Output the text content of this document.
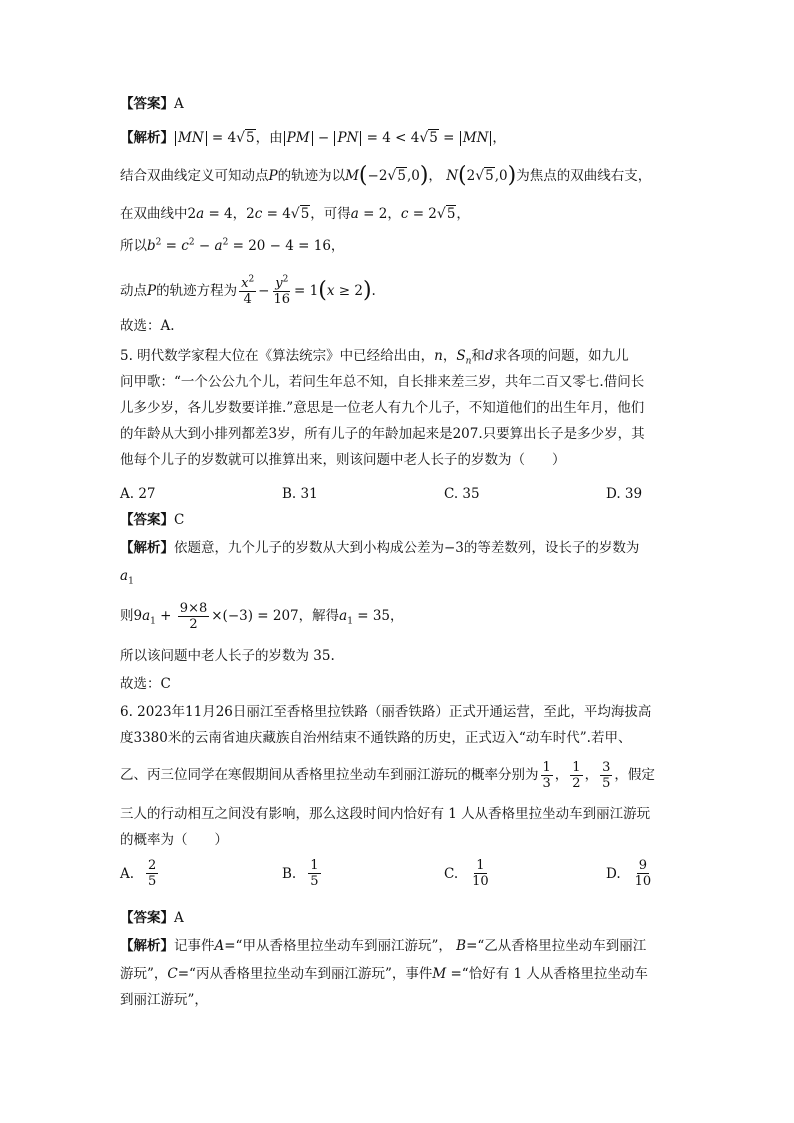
【答案】A
【解析】 MN = 4√5，由 PM − PN = 4 < 4√5 = MN ，
结合双曲线定义可知动点P的轨迹为以M(−2√5,0)， N(2√5,0)为焦点的双曲线右支，
在双曲线中2a = 4，2c = 4√5，可得a = 2，c = 2√5，
所以$b^2 = c^2 - a^2 = 20 - 4 = 16$，
动点P的轨迹方程为 $\frac{x^2}{4} - \frac{y^2}{16} = 1(x \ge 2)$.
故选：A.
5. 明代数学家程大位在《算法统宗》中已经给出由，n，$S_n$和d求各项的问题，如九儿
问甲歌：“一个公公九个儿，若问生年总不知，自长排来差三岁，共年二百又零七.借问长
儿多少岁，各儿岁数要详推.”意思是一位老人有九个儿子，不知道他们的出生年月，他们
的年龄从大到小排列都差3岁，所有儿子的年龄加起来是207.只要算出长子是多少岁，其
他每个儿子的岁数就可以推算出来，则该问题中老人长子的岁数为（　　）
A. 27	B. 31	C. 35	D. 39
【答案】C
【解析】依题意，九个儿子的岁数从大到小构成公差为−3的等差数列，设长子的岁数为
$a_1$
则$9a_1 + \frac{9\times 8}{2} \times(-3) = 207$，解得$a_1 = 35$，
所以该问题中老人长子的岁数为 35.
故选：C
6. 2023年11月26日丽江至香格里拉铁路（丽香铁路）正式开通运营，至此，平均海拔高
度3380米的云南省迪庆藏族自治州结束不通铁路的历史，正式迈入“动车时代”.若甲、
乙、丙三位同学在寒假期间从香格里拉坐动车到丽江游玩的概率分别为 $\frac{1}{3}$ ， $\frac{1}{2}$ ， $\frac{3}{5}$ ，假定
三人的行动相互之间没有影响，那么这段时间内恰好有 1 人从香格里拉坐动车到丽江游玩
的概率为（　　）
A. $\frac{2}{5}$	B. $\frac{1}{5}$	C. $\frac{1}{10}$	D. $\frac{9}{10}$
【答案】A
【解析】记事件A=“甲从香格里拉坐动车到丽江游玩”， B=“乙从香格里拉坐动车到丽江
游玩”，C=“丙从香格里拉坐动车到丽江游玩”，事件M =“恰好有 1 人从香格里拉坐动车
到丽江游玩”，
